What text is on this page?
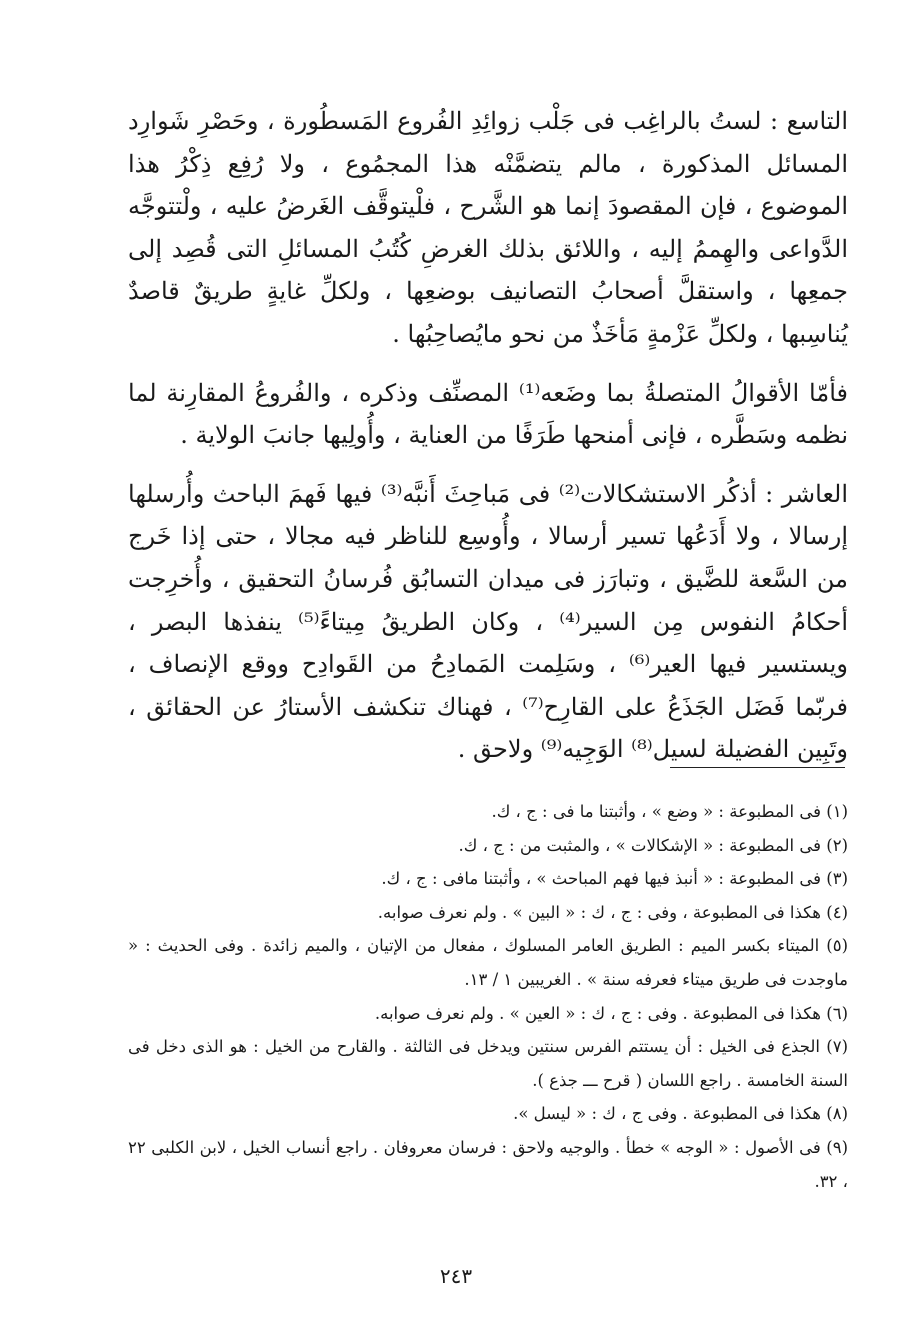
التاسع : لستُ بالراغِب فى جَلْب زوائِدِ الفُروع المَسطُورة ، وحَصْرِ شَوارِد المسائل المذكورة ، مالم يتضمَّنْه هذا المجمُوع ، ولا رُفِع ذِكْرُ هذا الموضوع ، فإن المقصودَ إنما هو الشَّرح ، فلْيتوقَّف الغَرضُ عليه ، ولْتتوجَّه الدَّواعى والهِممُ إليه ، واللائق بذلك الغرضِ كُتُبُ المسائلِ التى قُصِد إلى جمعِها ، واستقلَّ أصحابُ التصانيف بوضعِها ، ولكلِّ غايةٍ طريقٌ قاصدٌ يُناسِبها ، ولكلِّ عَزْمةٍ مَأخَذٌ من نحو مايُصاحِبُها .

فأمّا الأقوالُ المتصلةُ بما وضَعه⁽¹⁾ المصنِّف وذكره ، والفُروعُ المقارِنة لما نظمه وسَطَّره ، فإنى أمنحها طَرَفًا من العناية ، وأُولِيها جانبَ الولاية .

العاشر : أذكُر الاستشكالات⁽²⁾ فى مَباحِثَ أَنبَّه⁽³⁾ فيها فَهمَ الباحث وأُرسلها إرسالا ، ولا أَدَعُها تسير أرسالا ، وأُوسِع للناظر فيه مجالا ، حتى إذا خَرج من السَّعة للضَّيق ، وتبارَز فى ميدان التسابُق فُرسانُ التحقيق ، وأُخرِجت أحكامُ النفوس مِن السير⁽⁴⁾ ، وكان الطريقُ مِيتاءً⁽⁵⁾ ينفذها البصر ، ويستسير فيها العير⁽⁶⁾ ، وسَلِمت المَمادِحُ من القَوادِح ووقع الإنصاف ، فربّما فَضَل الجَذَعُ على القارِح⁽⁷⁾ ، فهناك تنكشف الأستارُ عن الحقائق ، وتَبِين الفضيلة لسيل⁽⁸⁾ الوَجِيه⁽⁹⁾ ولاحق .

(١) فى المطبوعة : « وضع » ، وأثبتنا ما فى : ج ، ك.

(٢) فى المطبوعة : « الإشكالات » ، والمثبت من : ج ، ك.

(٣) فى المطبوعة : « أنبذ فيها فهم المباحث » ، وأثبتنا مافى : ج ، ك.

(٤) هكذا فى المطبوعة ، وفى : ج ، ك : « البين » . ولم نعرف صوابه.

(٥) الميتاء بكسر الميم : الطريق العامر المسلوك ، مفعال من الإتيان ، والميم زائدة . وفى الحديث : « ماوجدت فى طريق ميتاء فعرفه سنة » . الغريبين ١ / ١٣.

(٦) هكذا فى المطبوعة . وفى : ج ، ك : « العين » . ولم نعرف صوابه.

(٧) الجذع فى الخيل : أن يستتم الفرس سنتين ويدخل فى الثالثة . والقارح من الخيل : هو الذى دخل فى السنة الخامسة . راجع اللسان ( قرح ـــ جذع ).

(٨) هكذا فى المطبوعة . وفى ج ، ك : « ليسل ».

(٩) فى الأصول : « الوجه » خطأ . والوجيه ولاحق : فرسان معروفان . راجع أنساب الخيل ، لابن الكلبى ٢٢ ، ٣٢.

٢٤٣
